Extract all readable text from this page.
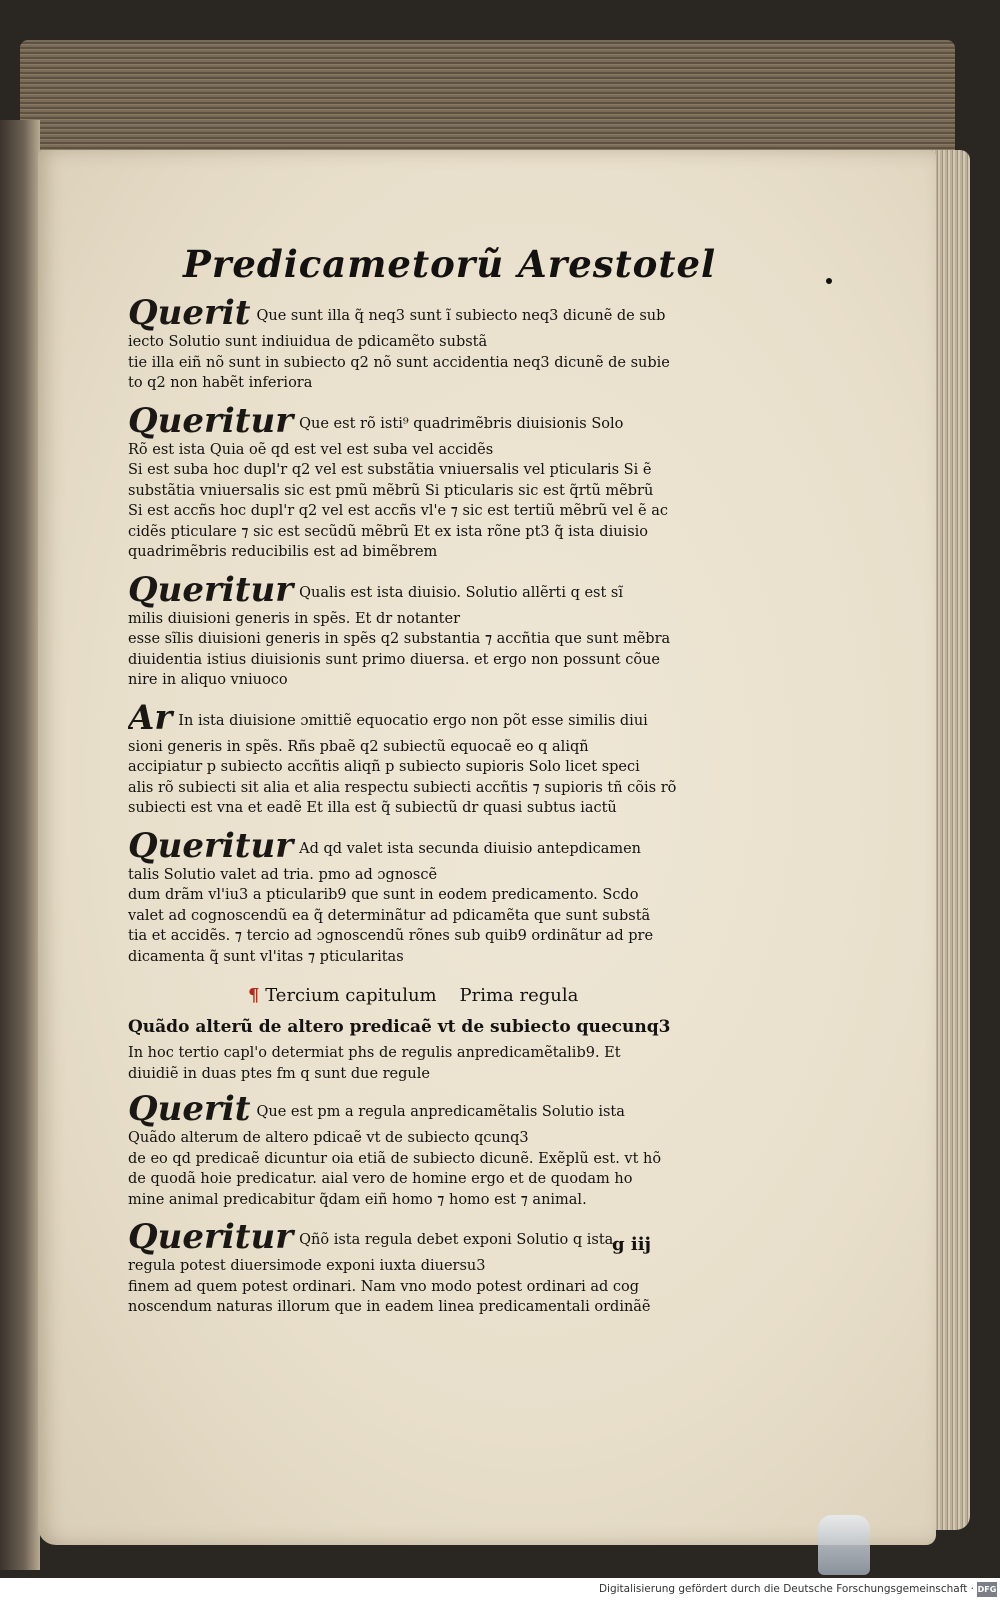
Predicametorũ Arestotel
Querit Que sunt illa q̃ neq3 sunt ĩ subiecto neq3 dicunẽ de sub
iecto Solutio sunt indiuidua de pdicamẽto substã
tie illa eiñ nõ sunt in subiecto q2 nõ sunt accidentia neq3 dicunẽ de subie
to q2 non habẽt inferiora
Queritur Que est rõ isti⁹ quadrimẽbris diuisionis Solo
Rõ est ista Quia oẽ qd est vel est suba vel accidẽs
Si est suba hoc dupl'r q2 vel est substãtia vniuersalis vel pticularis Si ẽ
substãtia vniuersalis sic est pmũ mẽbrũ Si pticularis sic est q̃rtũ mẽbrũ
Si est accñs hoc dupl'r q2 vel est accñs vl'e ⁊ sic est tertiũ mẽbrũ vel ẽ ac
cidẽs pticulare ⁊ sic est secũdũ mẽbrũ Et ex ista rõne pt3 q̃ ista diuisio
quadrimẽbris reducibilis est ad bimẽbrem
Queritur Qualis est ista diuisio. Solutio allẽrti q est sĩ
milis diuisioni generis in spẽs. Et dr notanter
esse sĩlis diuisioni generis in spẽs q2 substantia ⁊ accñtia que sunt mẽbra
diuidentia istius diuisionis sunt primo diuersa. et ergo non possunt cõue
nire in aliquo vniuoco
Ar In ista diuisione ɔmittiẽ equocatio ergo non põt esse similis diui
sioni generis in spẽs. Rñs pbaẽ q2 subiectũ equocaẽ eo q aliqñ
accipiatur p subiecto accñtis aliqñ p subiecto supioris Solo licet speci
alis rõ subiecti sit alia et alia respectu subiecti accñtis ⁊ supioris tñ cõis rõ
subiecti est vna et eadẽ Et illa est q̃ subiectũ dr quasi subtus iactũ
Queritur Ad qd valet ista secunda diuisio antepdicamen
talis Solutio valet ad tria. pmo ad ɔgnoscẽ
dum drãm vl'iu3 a pticularib9 que sunt in eodem predicamento. Scdo
valet ad cognoscendũ ea q̃ determinãtur ad pdicamẽta que sunt substã
tia et accidẽs. ⁊ tercio ad ɔgnoscendũ rõnes sub quib9 ordinãtur ad pre
dicamenta q̃ sunt vl'itas ⁊ pticularitas
¶ Tercium capitulum Prima regula
Quãdo alterũ de altero predicaẽ vt de subiecto quecunq3
In hoc tertio capl'o determiat phs de regulis anpredicamẽtalib9. Et
diuidiẽ in duas ptes fm q sunt due regule
Querit Que est pm a regula anpredicamẽtalis Solutio ista
Quãdo alterum de altero pdicaẽ vt de subiecto qcunq3
de eo qd predicaẽ dicuntur oia etiã de subiecto dicunẽ. Exẽplũ est. vt hõ
de quodã hoie predicatur. aial vero de homine ergo et de quodam ho
mine animal predicabitur q̃dam eiñ homo ⁊ homo est ⁊ animal.
Queritur Qñõ ista regula debet exponi Solutio q ista
regula potest diuersimode exponi iuxta diuersu3
finem ad quem potest ordinari. Nam vno modo potest ordinari ad cog
noscendum naturas illorum que in eadem linea predicamentali ordinãẽ
g iij
Digitalisierung gefördert durch die Deutsche Forschungsgemeinschaft · DFG
